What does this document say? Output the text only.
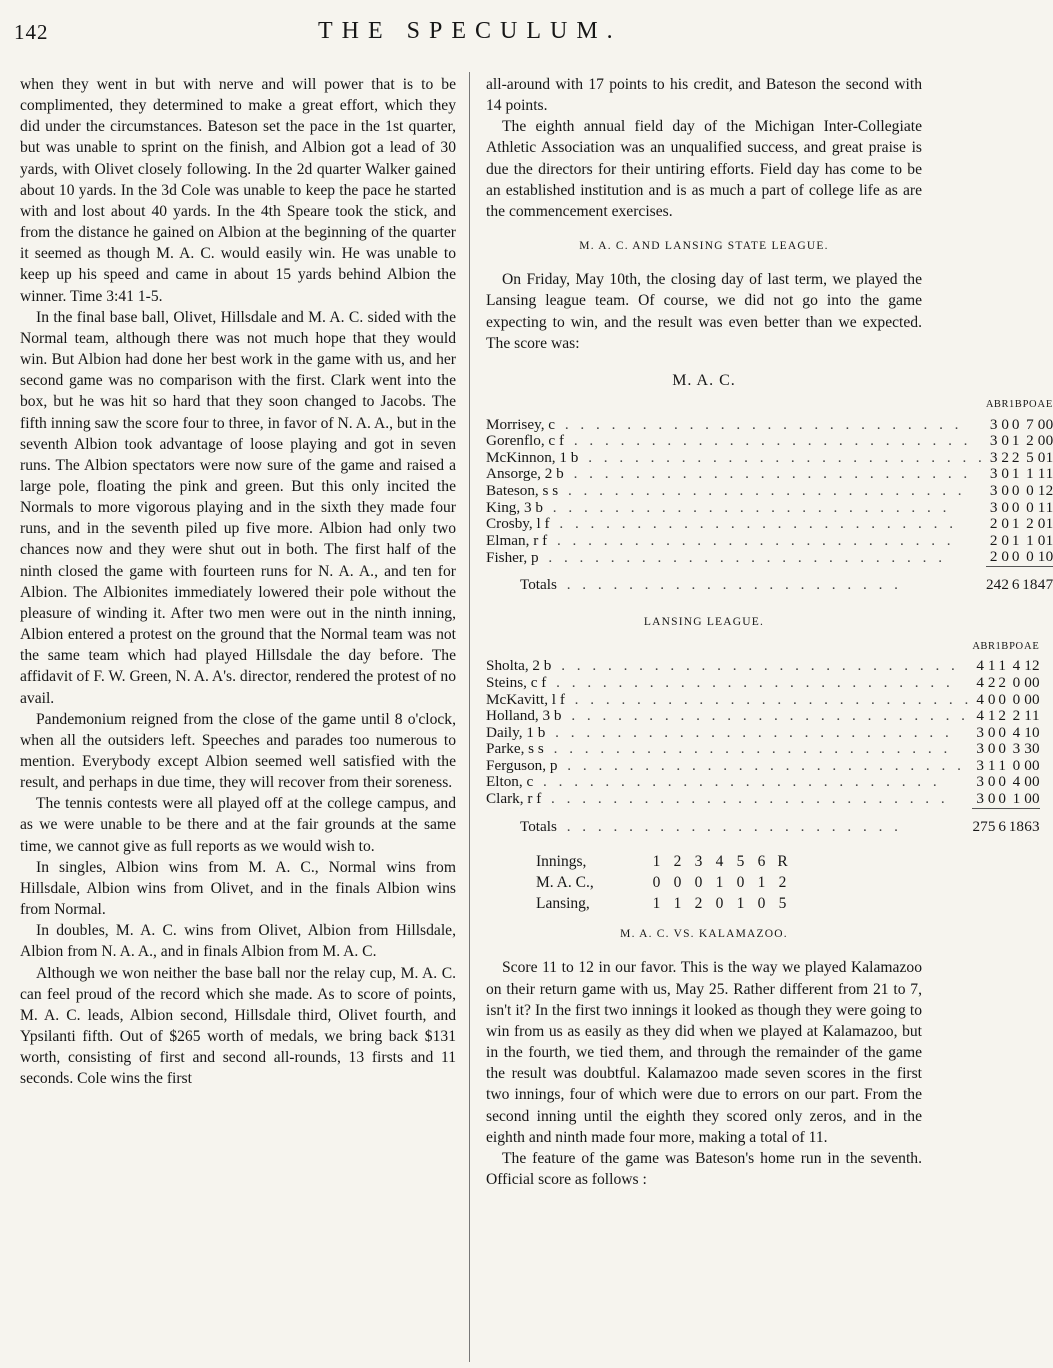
142	THE SPECULUM.

when they went in but with nerve and will power that is to be complimented, they determined to make a great effort, which they did under the circumstances. Bateson set the pace in the 1st quarter, but was unable to sprint on the finish, and Albion got a lead of 30 yards, with Olivet closely following. In the 2d quarter Walker gained about 10 yards. In the 3d Cole was unable to keep the pace he started with and lost about 40 yards. In the 4th Speare took the stick, and from the distance he gained on Albion at the beginning of the quarter it seemed as though M. A. C. would easily win. He was unable to keep up his speed and came in about 15 yards behind Albion the winner. Time 3:41 1-5.

In the final base ball, Olivet, Hillsdale and M. A. C. sided with the Normal team, although there was not much hope that they would win. But Albion had done her best work in the game with us, and her second game was no comparison with the first. Clark went into the box, but he was hit so hard that they soon changed to Jacobs. The fifth inning saw the score four to three, in favor of N. A. A., but in the seventh Albion took advantage of loose playing and got in seven runs. The Albion spectators were now sure of the game and raised a large pole, floating the pink and green. But this only incited the Normals to more vigorous playing and in the sixth they made four runs, and in the seventh piled up five more. Albion had only two chances now and they were shut out in both. The first half of the ninth closed the game with fourteen runs for N. A. A., and ten for Albion. The Albionites immediately lowered their pole without the pleasure of winding it. After two men were out in the ninth inning, Albion entered a protest on the ground that the Normal team was not the same team which had played Hillsdale the day before. The affidavit of F. W. Green, N. A. A's. director, rendered the protest of no avail.

Pandemonium reigned from the close of the game until 8 o'clock, when all the outsiders left. Speeches and parades too numerous to mention. Everybody except Albion seemed well satisfied with the result, and perhaps in due time, they will recover from their soreness.

The tennis contests were all played off at the college campus, and as we were unable to be there and at the fair grounds at the same time, we cannot give as full reports as we would wish to.

In singles, Albion wins from M. A. C., Normal wins from Hillsdale, Albion wins from Olivet, and in the finals Albion wins from Normal.

In doubles, M. A. C. wins from Olivet, Albion from Hillsdale, Albion from N. A. A., and in finals Albion from M. A. C.

Although we won neither the base ball nor the relay cup, M. A. C. can feel proud of the record which she made. As to score of points, M. A. C. leads, Albion second, Hillsdale third, Olivet fourth, and Ypsilanti fifth. Out of $265 worth of medals, we bring back $131 worth, consisting of first and second all-rounds, 13 firsts and 11 seconds. Cole wins the first

all-around with 17 points to his credit, and Bateson the second with 14 points.

The eighth annual field day of the Michigan Inter-Collegiate Athletic Association was an unqualified success, and great praise is due the directors for their untiring efforts. Field day has come to be an established institution and is as much a part of college life as are the commencement exercises.

M. A. C. AND LANSING STATE LEAGUE.

On Friday, May 10th, the closing day of last term, we played the Lansing league team. Of course, we did not go into the game expecting to win, and the result was even better than we expected. The score was:

M. A. C.
	AB	R	1B	PO	A	E
Morrisey, c . . . . . . . . . . . . . . . . . . . . . . . . . .	3	0	0	7	0	0
Gorenflo, c f . . . . . . . . . . . . . . . . . . . . . . . . . .	3	0	1	2	0	0
McKinnon, 1 b . . . . . . . . . . . . . . . . . . . . . . . . . .	3	2	2	5	0	1
Ansorge, 2 b . . . . . . . . . . . . . . . . . . . . . . . . . .	3	0	1	1	1	1
Bateson, s s . . . . . . . . . . . . . . . . . . . . . . . . . .	3	0	0	0	1	2
King, 3 b . . . . . . . . . . . . . . . . . . . . . . . . . .	3	0	0	0	1	1
Crosby, l f . . . . . . . . . . . . . . . . . . . . . . . . . .	2	0	1	2	0	1
Elman, r f . . . . . . . . . . . . . . . . . . . . . . . . . .	2	0	1	1	0	1
Fisher, p . . . . . . . . . . . . . . . . . . . . . . . . . .	2	0	0	0	1	0

Totals . . . . . . . . . . . . . . . . . . . . . .	24	2	6	18	4	7
LANSING LEAGUE.
	AB	R	1B	PO	A	E
Sholta, 2 b . . . . . . . . . . . . . . . . . . . . . . . . . .	4	1	1	4	1	2
Steins, c f . . . . . . . . . . . . . . . . . . . . . . . . . .	4	2	2	0	0	0
McKavitt, l f . . . . . . . . . . . . . . . . . . . . . . . . . .	4	0	0	0	0	0
Holland, 3 b . . . . . . . . . . . . . . . . . . . . . . . . . .	4	1	2	2	1	1
Daily, 1 b . . . . . . . . . . . . . . . . . . . . . . . . . .	3	0	0	4	1	0
Parke, s s . . . . . . . . . . . . . . . . . . . . . . . . . .	3	0	0	3	3	0
Ferguson, p . . . . . . . . . . . . . . . . . . . . . . . . . .	3	1	1	0	0	0
Elton, c . . . . . . . . . . . . . . . . . . . . . . . . . .	3	0	0	4	0	0
Clark, r f . . . . . . . . . . . . . . . . . . . . . . . . . .	3	0	0	1	0	0

Totals . . . . . . . . . . . . . . . . . . . . . .	27	5	6	18	6	3
Innings,	1	2	3	4	5	6	R
M. A. C.,	0	0	0	1	0	1	2
Lansing,	1	1	2	0	1	0	5
M. A. C. VS. KALAMAZOO.

Score 11 to 12 in our favor. This is the way we played Kalamazoo on their return game with us, May 25. Rather different from 21 to 7, isn't it? In the first two innings it looked as though they were going to win from us as easily as they did when we played at Kalamazoo, but in the fourth, we tied them, and through the remainder of the game the result was doubtful. Kalamazoo made seven scores in the first two innings, four of which were due to errors on our part. From the second inning until the eighth they scored only zeros, and in the eighth and ninth made four more, making a total of 11.

The feature of the game was Bateson's home run in the seventh. Official score as follows :
